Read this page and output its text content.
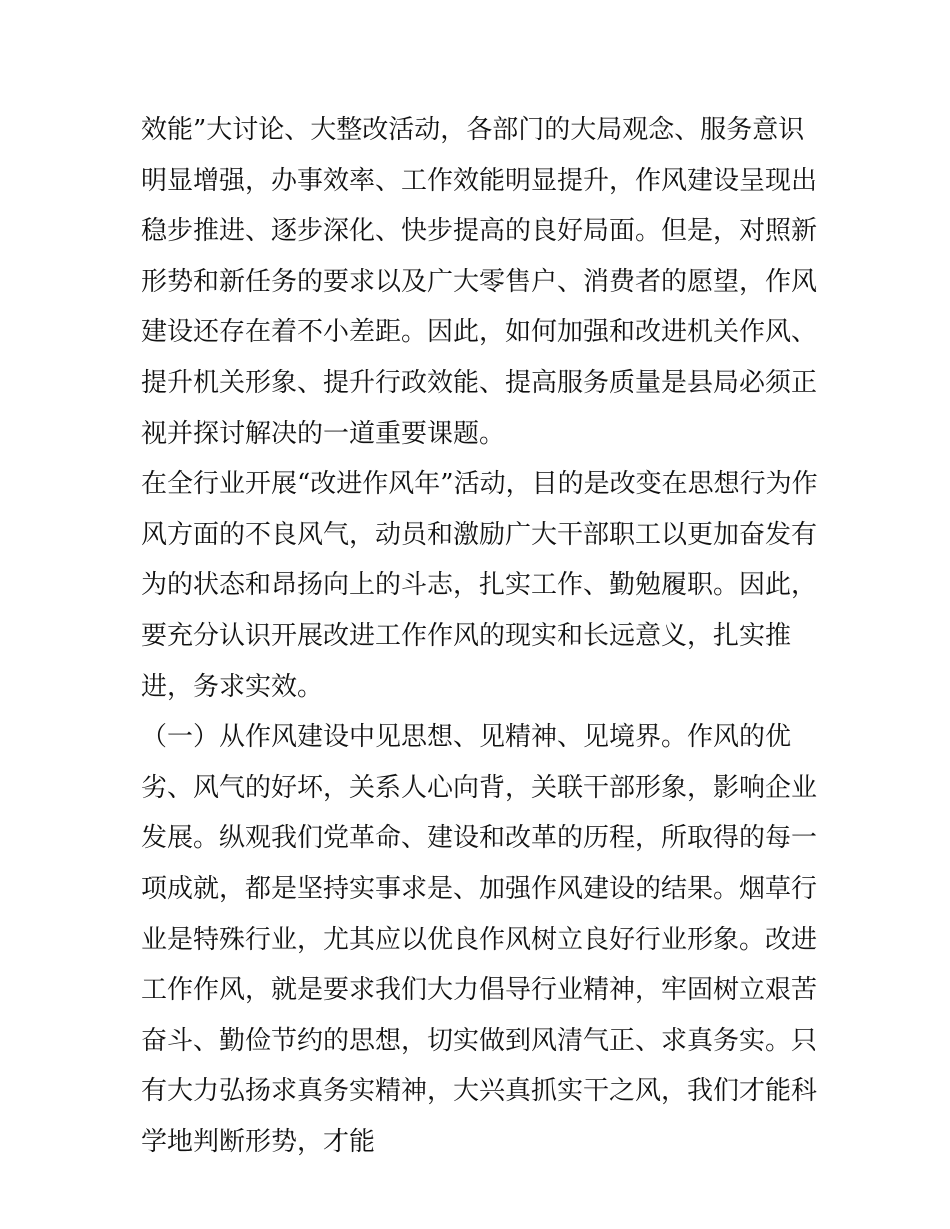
效能”大讨论、大整改活动，各部门的大局观念、服务意识明显增强，办事效率、工作效能明显提升，作风建设呈现出稳步推进、逐步深化、快步提高的良好局面。但是，对照新形势和新任务的要求以及广大零售户、消费者的愿望，作风建设还存在着不小差距。因此，如何加强和改进机关作风、提升机关形象、提升行政效能、提高服务质量是县局必须正视并探讨解决的一道重要课题。

在全行业开展“改进作风年”活动，目的是改变在思想行为作风方面的不良风气，动员和激励广大干部职工以更加奋发有为的状态和昂扬向上的斗志，扎实工作、勤勉履职。因此，要充分认识开展改进工作作风的现实和长远意义，扎实推进，务求实效。

（一）从作风建设中见思想、见精神、见境界。作风的优劣、风气的好坏，关系人心向背，关联干部形象，影响企业发展。纵观我们党革命、建设和改革的历程，所取得的每一项成就，都是坚持实事求是、加强作风建设的结果。烟草行业是特殊行业，尤其应以优良作风树立良好行业形象。改进工作作风，就是要求我们大力倡导行业精神，牢固树立艰苦奋斗、勤俭节约的思想，切实做到风清气正、求真务实。只有大力弘扬求真务实精神，大兴真抓实干之风，我们才能科学地判断形势，才能
